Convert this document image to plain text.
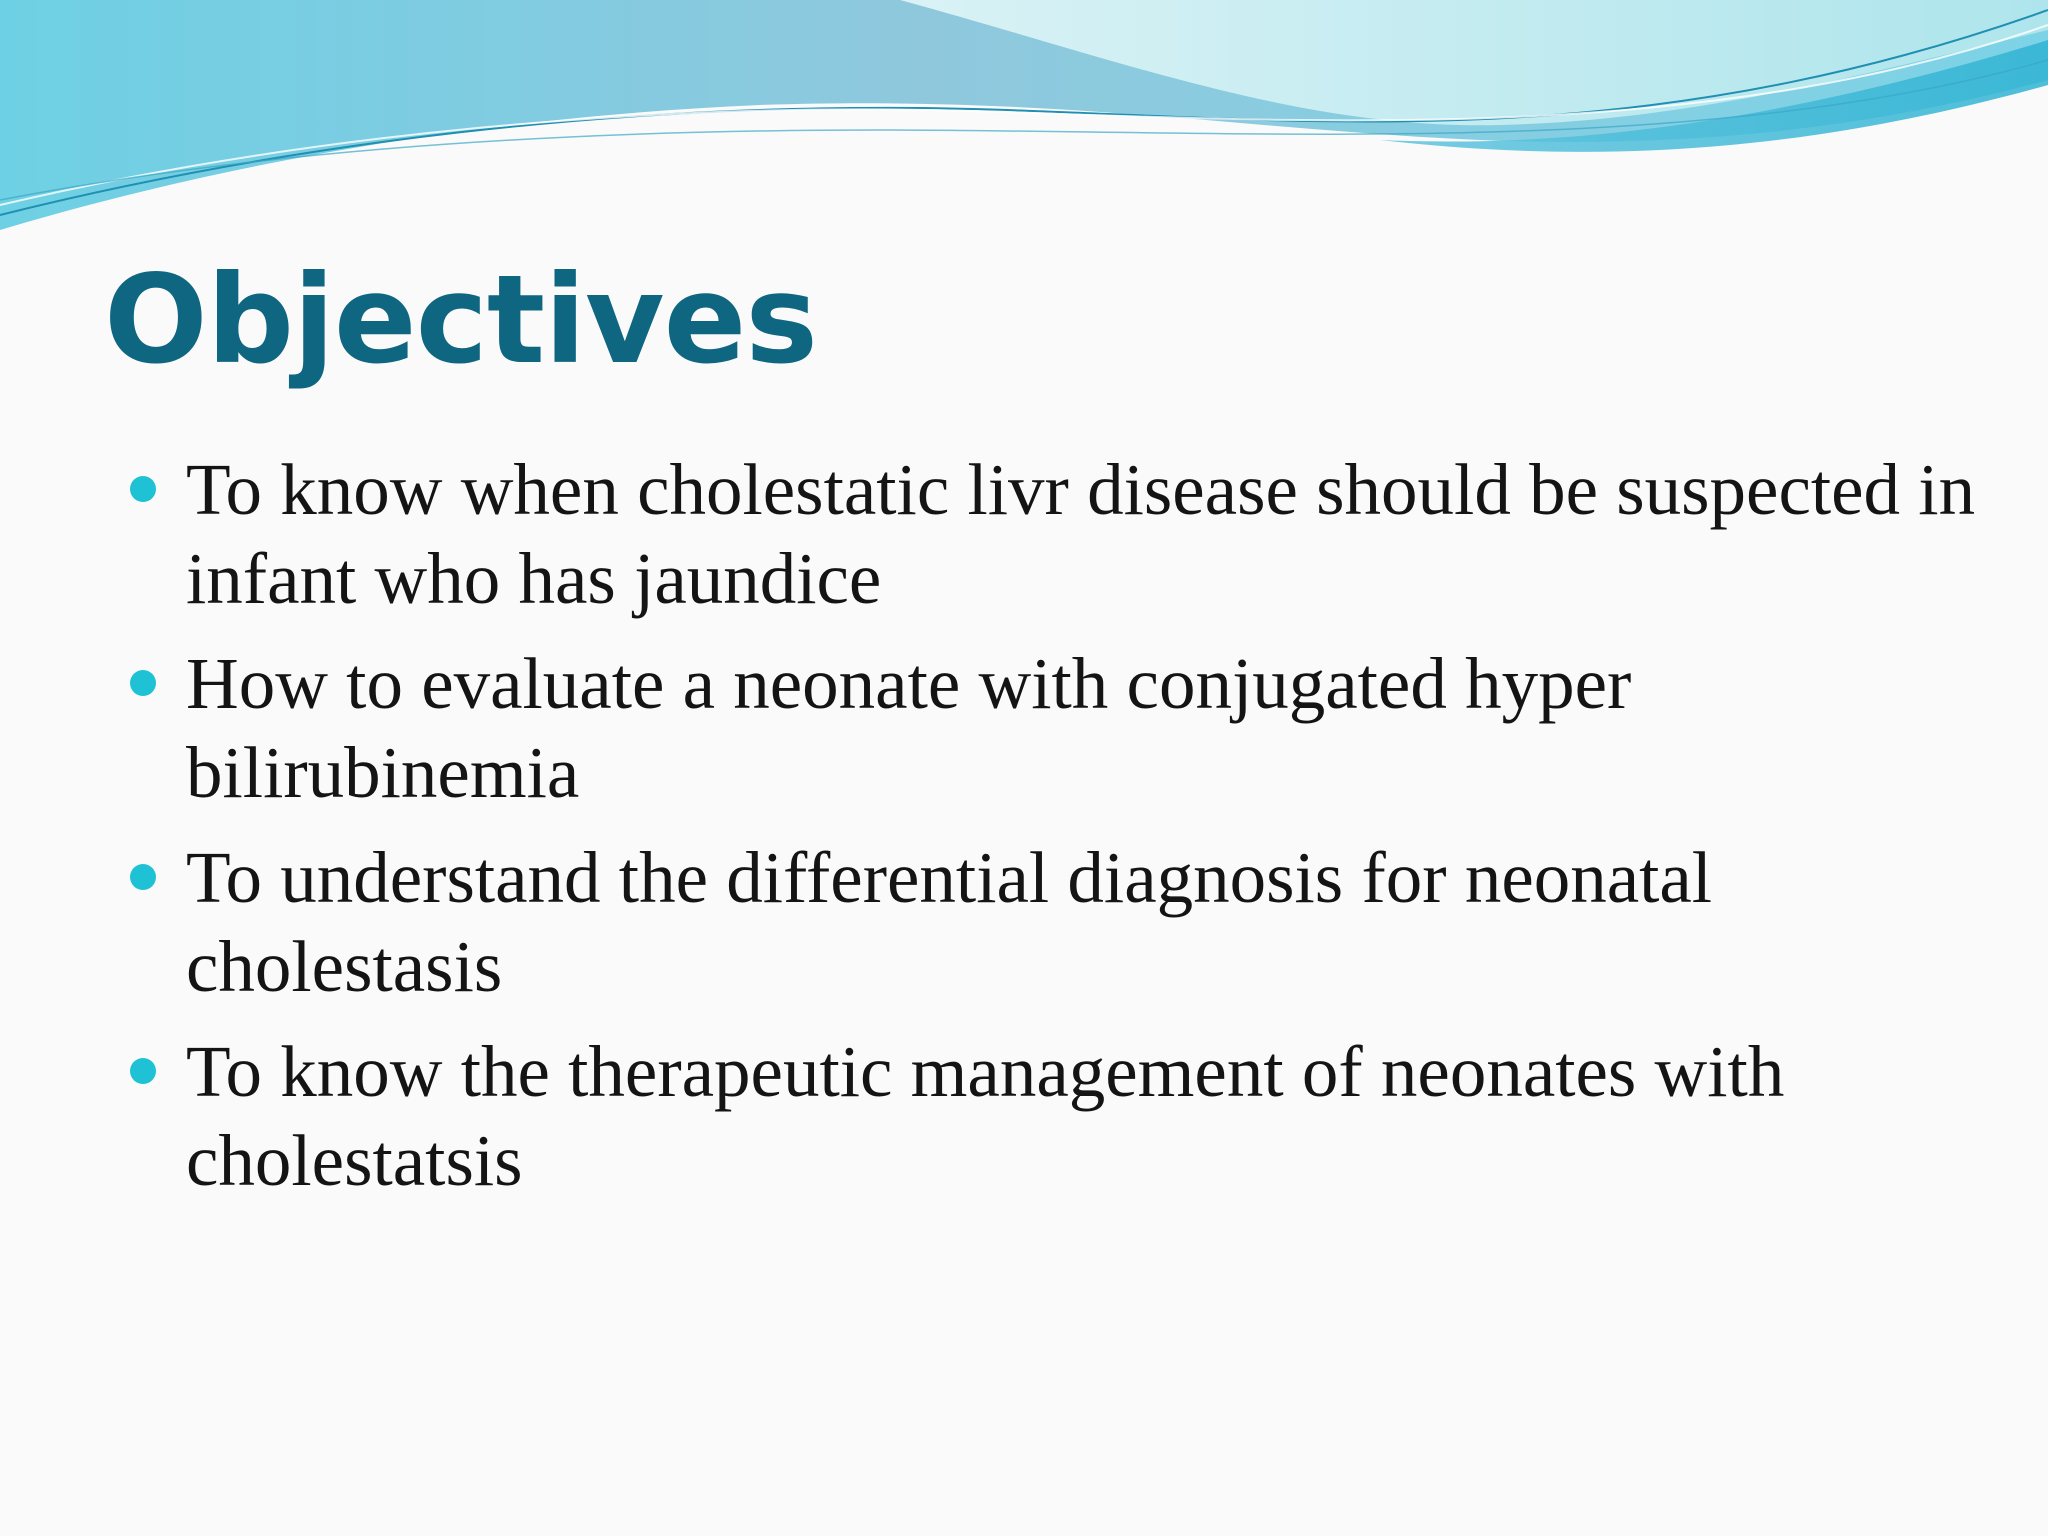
Objectives
To know when cholestatic livr disease should be suspected in infant who has jaundice
How to evaluate a neonate with conjugated hyper bilirubinemia
To understand the differential diagnosis for neonatal cholestasis
To know the therapeutic management of neonates with cholestatsis
